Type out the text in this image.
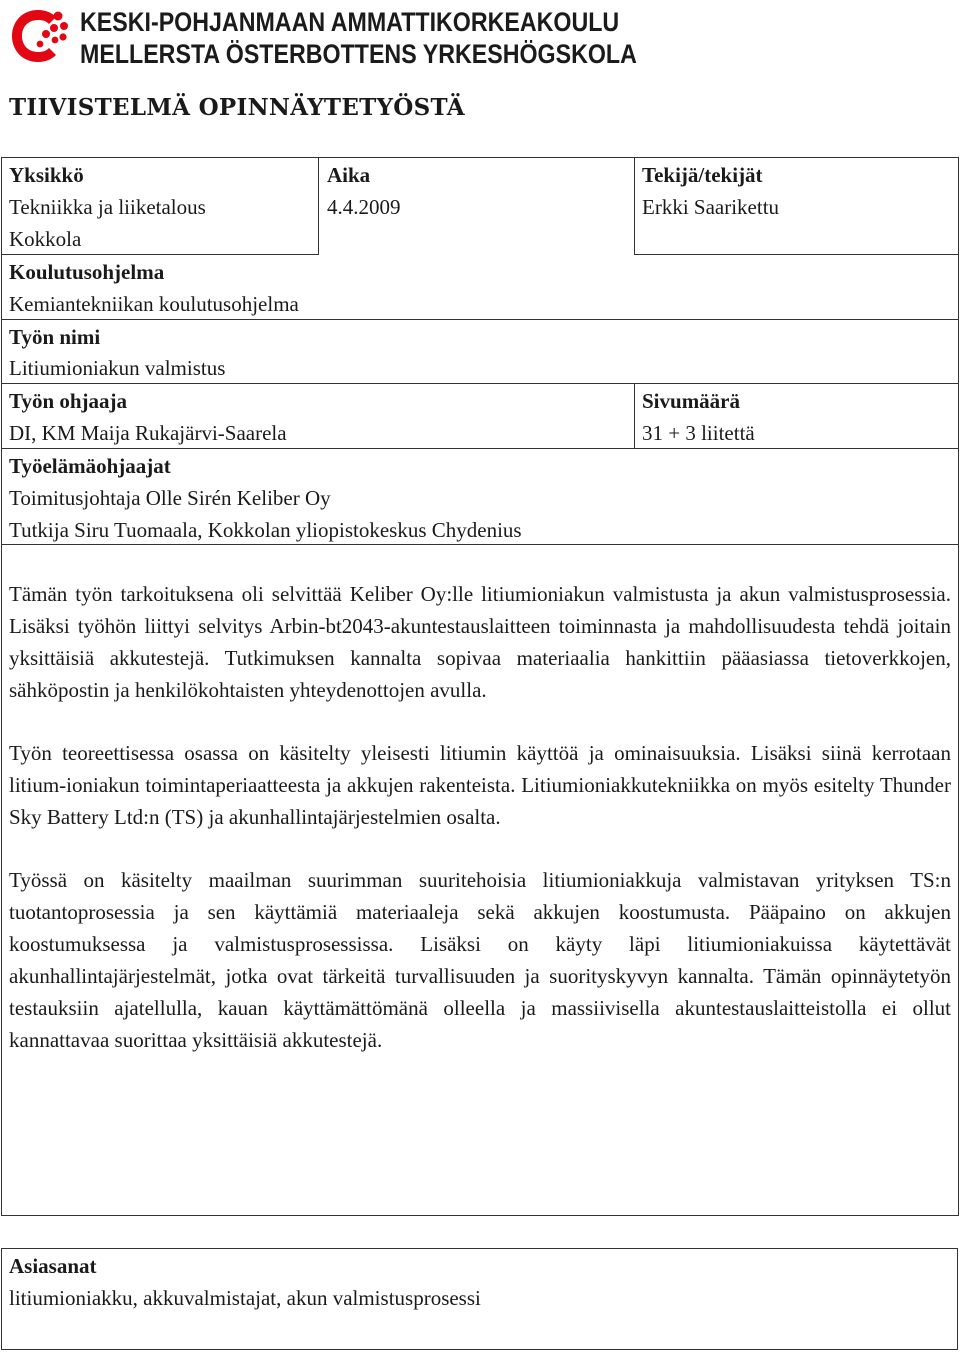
KESKI-POHJANMAAN AMMATTIKORKEAKOULU
MELLERSTA ÖSTERBOTTENS YRKESHÖGSKOLA
TIIVISTELMÄ OPINNÄYTETYÖSTÄ
Yksikkö
Tekniikka ja liiketalous
Kokkola
Aika
4.4.2009
Tekijä/tekijät
Erkki Saarikettu
Koulutusohjelma
Kemiantekniikan koulutusohjelma
Työn nimi
Litiumioniakun valmistus
Työn ohjaaja
DI, KM Maija Rukajärvi-Saarela
Sivumäärä
31 + 3 liitettä
Työelämäohjaajat
Toimitusjohtaja Olle Sirén Keliber Oy
Tutkija Siru Tuomaala, Kokkolan yliopistokeskus Chydenius

Tämän työn tarkoituksena oli selvittää Keliber Oy:lle litiumioniakun valmistusta ja akun valmistusprosessia. Lisäksi työhön liittyi selvitys Arbin-bt2043-akuntestauslaitteen toiminnasta ja mahdollisuudesta tehdä joitain yksittäisiä akkutestejä. Tutkimuksen kannalta sopivaa materiaalia hankittiin pääasiassa tietoverkkojen, sähköpostin ja henkilökohtaisten yhteydenottojen avulla.

Työn teoreettisessa osassa on käsitelty yleisesti litiumin käyttöä ja ominaisuuksia. Lisäksi siinä kerrotaan litium-ioniakun toimintaperiaatteesta ja akkujen rakenteista. Litiumioniakkutekniikka on myös esitelty Thunder Sky Battery Ltd:n (TS) ja akunhallintajärjestelmien osalta.

Työssä on käsitelty maailman suurimman suuritehoisia litiumioniakkuja valmistavan yrityksen TS:n tuotantoprosessia ja sen käyttämiä materiaaleja sekä akkujen koostumusta. Pääpaino on akkujen koostumuksessa ja valmistusprosessissa. Lisäksi on käyty läpi litiumioniakuissa käytettävät akunhallintajärjestelmät, jotka ovat tärkeitä turvallisuuden ja suorityskyvyn kannalta. Tämän opinnäytetyön testauksiin ajatellulla, kauan käyttämättömänä olleella ja massiivisella akuntestauslaitteistolla ei ollut kannattavaa suorittaa yksittäisiä akkutestejä.

Asiasanat
litiumioniakku, akkuvalmistajat, akun valmistusprosessi
